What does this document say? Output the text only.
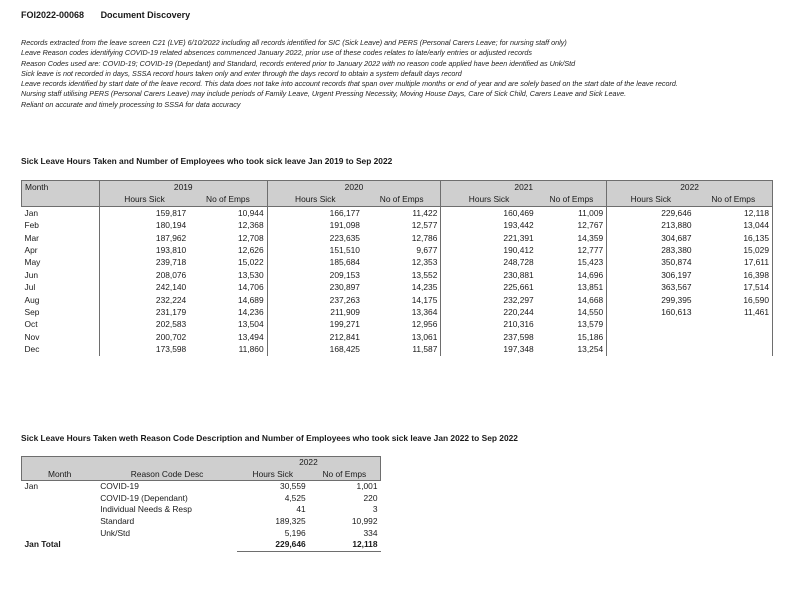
FOI2022-00068 Document Discovery
Records extracted from the leave screen C21 (LVE) 6/10/2022 including all records identified for SIC (Sick Leave) and PERS (Personal Carers Leave; for nursing staff only)
Leave Reason codes identifying COVID-19 related absences commenced January 2022, prior use of these codes relates to late/early entries or adjusted records
Reason Codes used are: COVID-19; COVID-19 (Depedant) and Standard, records entered prior to January 2022 with no reason code applied have been identified as Unk/Std
Sick leave is not recorded in days, SSSA record hours taken only and enter through the days record to obtain a system default days record
Leave records identified by start date of the leave record. This data does not take into account records that span over multiple months or end of year and are solely based on the start date of the leave record.
Nursing staff utilising PERS (Personal Carers Leave) may include periods of Family Leave, Urgent Pressing Necessity, Moving House Days, Care of Sick Child, Carers Leave and Sick Leave.
Reliant on accurate and timely processing to SSSA for data accuracy
Sick Leave Hours Taken and Number of Employees who took sick leave Jan 2019 to Sep 2022
Month	2019		2020		2021		2022	
	Hours Sick	No of Emps	Hours Sick	No of Emps	Hours Sick	No of Emps	Hours Sick	No of Emps
Jan	159,817	10,944	166,177	11,422	160,469	11,009	229,646	12,118
Feb	180,194	12,368	191,098	12,577	193,442	12,767	213,880	13,044
Mar	187,962	12,708	223,635	12,786	221,391	14,359	304,687	16,135
Apr	193,810	12,626	151,510	9,677	190,412	12,777	283,380	15,029
May	239,718	15,022	185,684	12,353	248,728	15,423	350,874	17,611
Jun	208,076	13,530	209,153	13,552	230,881	14,696	306,197	16,398
Jul	242,140	14,706	230,897	14,235	225,661	13,851	363,567	17,514
Aug	232,224	14,689	237,263	14,175	232,297	14,668	299,395	16,590
Sep	231,179	14,236	211,909	13,364	220,244	14,550	160,613	11,461
Oct	202,583	13,504	199,271	12,956	210,316	13,579		
Nov	200,702	13,494	212,841	13,061	237,598	15,186		
Dec	173,598	11,860	168,425	11,587	197,348	13,254		
Sick Leave Hours Taken weth Reason Code Description and Number of Employees who took sick leave Jan 2022 to Sep 2022
		2022	
Month	Reason Code Desc	Hours Sick	No of Emps
Jan	COVID-19	30,559	1,001
	COVID-19 (Dependant)	4,525	220
	Individual Needs & Resp	41	3
	Standard	189,325	10,992
	Unk/Std	5,196	334
Jan Total		229,646	12,118
